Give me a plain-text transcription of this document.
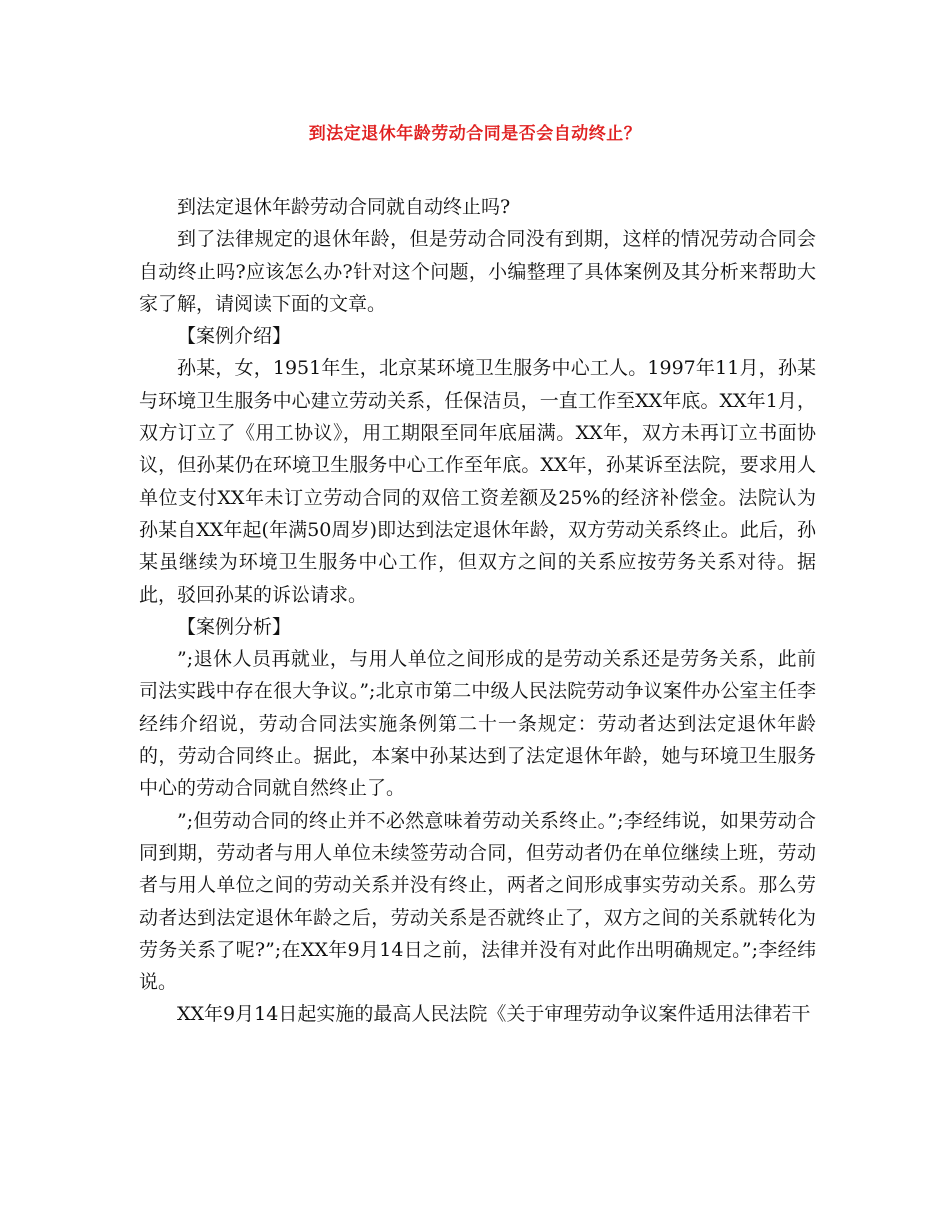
到法定退休年龄劳动合同是否会自动终止？

到法定退休年龄劳动合同就自动终止吗?

到了法律规定的退休年龄，但是劳动合同没有到期，这样的情况劳动合同会自动终止吗?应该怎么办?针对这个问题，小编整理了具体案例及其分析来帮助大家了解，请阅读下面的文章。

【案例介绍】

孙某，女，1951年生，北京某环境卫生服务中心工人。1997年11月，孙某与环境卫生服务中心建立劳动关系，任保洁员，一直工作至XX年底。XX年1月，双方订立了《用工协议》，用工期限至同年底届满。XX年，双方未再订立书面协议，但孙某仍在环境卫生服务中心工作至年底。XX年，孙某诉至法院，要求用人单位支付XX年未订立劳动合同的双倍工资差额及25%的经济补偿金。法院认为孙某自XX年起(年满50周岁)即达到法定退休年龄，双方劳动关系终止。此后，孙某虽继续为环境卫生服务中心工作，但双方之间的关系应按劳务关系对待。据此，驳回孙某的诉讼请求。

【案例分析】

”;退休人员再就业，与用人单位之间形成的是劳动关系还是劳务关系，此前司法实践中存在很大争议。”;北京市第二中级人民法院劳动争议案件办公室主任李经纬介绍说，劳动合同法实施条例第二十一条规定：劳动者达到法定退休年龄的，劳动合同终止。据此，本案中孙某达到了法定退休年龄，她与环境卫生服务中心的劳动合同就自然终止了。

”;但劳动合同的终止并不必然意味着劳动关系终止。”;李经纬说，如果劳动合同到期，劳动者与用人单位未续签劳动合同，但劳动者仍在单位继续上班，劳动者与用人单位之间的劳动关系并没有终止，两者之间形成事实劳动关系。那么劳动者达到法定退休年龄之后，劳动关系是否就终止了，双方之间的关系就转化为劳务关系了呢?”;在XX年9月14日之前，法律并没有对此作出明确规定。”;李经纬说。

XX年9月14日起实施的最高人民法院《关于审理劳动争议案件适用法律若干
